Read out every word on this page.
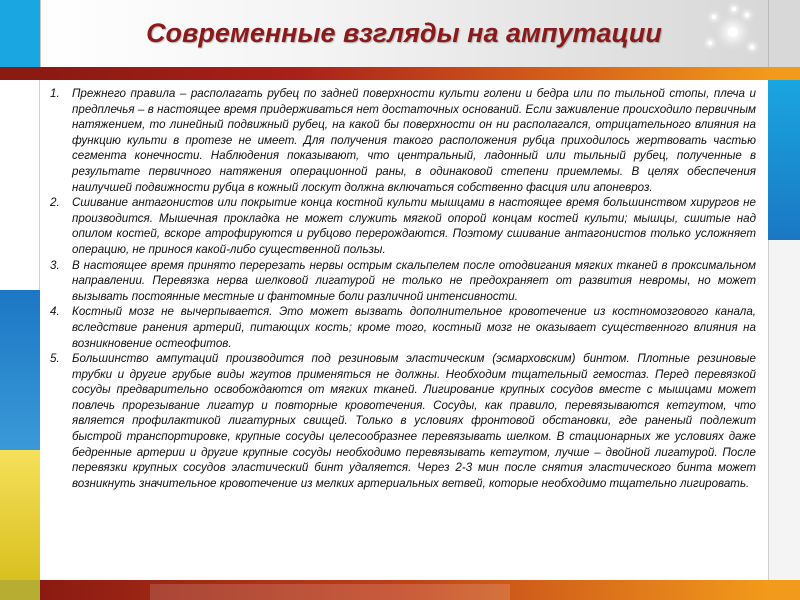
Современные взгляды на ампутации
1. Прежнего правила – располагать рубец по задней поверхности культи голени и бедра или по тыльной стопы, плеча и предплечья – в настоящее время придерживаться нет достаточных оснований. Если заживление происходило первичным натяжением, то линейный подвижный рубец, на какой бы поверхности он ни располагался, отрицательного влияния на функцию культи в протезе не имеет. Для получения такого расположения рубца приходилось жертвовать частью сегмента конечности. Наблюдения показывают, что центральный, ладонный или тыльный рубец, полученные в результате первичного натяжения операционной раны, в одинаковой степени приемлемы. В целях обеспечения наилучшей подвижности рубца в кожный лоскут должна включаться собственно фасция или апоневроз.
2. Сшивание антагонистов или покрытие конца костной культи мышцами в настоящее время большинством хирургов не производится. Мышечная прокладка не может служить мягкой опорой концам костей культи; мышцы, сшитые над опилом костей, вскоре атрофируются и рубцово перерождаются. Поэтому сшивание антагонистов только усложняет операцию, не принося какой-либо существенной пользы.
3. В настоящее время принято перерезать нервы острым скальпелем после отодвигания мягких тканей в проксимальном направлении. Перевязка нерва шелковой лигатурой не только не предохраняет от развития невромы, но может вызывать постоянные местные и фантомные боли различной интенсивности.
4. Костный мозг не вычерпывается. Это может вызвать дополнительное кровотечение из костномозгового канала, вследствие ранения артерий, питающих кость; кроме того, костный мозг не оказывает существенного влияния на возникновение остеофитов.
5. Большинство ампутаций производится под резиновым эластическим (эсмарховским) бинтом. Плотные резиновые трубки и другие грубые виды жгутов применяться не должны. Необходим тщательный гемостаз. Перед перевязкой сосуды предварительно освобождаются от мягких тканей. Лигирование крупных сосудов вместе с мышцами может повлечь прорезывание лигатур и повторные кровотечения. Сосуды, как правило, перевязываются кетгутом, что является профилактикой лигатурных свищей. Только в условиях фронтовой обстановки, где раненый подлежит быстрой транспортировке, крупные сосуды целесообразнее перевязывать шелком. В стационарных же условиях даже бедренные артерии и другие крупные сосуды необходимо перевязывать кетгутом, лучше – двойной лигатурой. После перевязки крупных сосудов эластический бинт удаляется. Через 2-3 мин после снятия эластического бинта может возникнуть значительное кровотечение из мелких артериальных ветвей, которые необходимо тщательно лигировать.
